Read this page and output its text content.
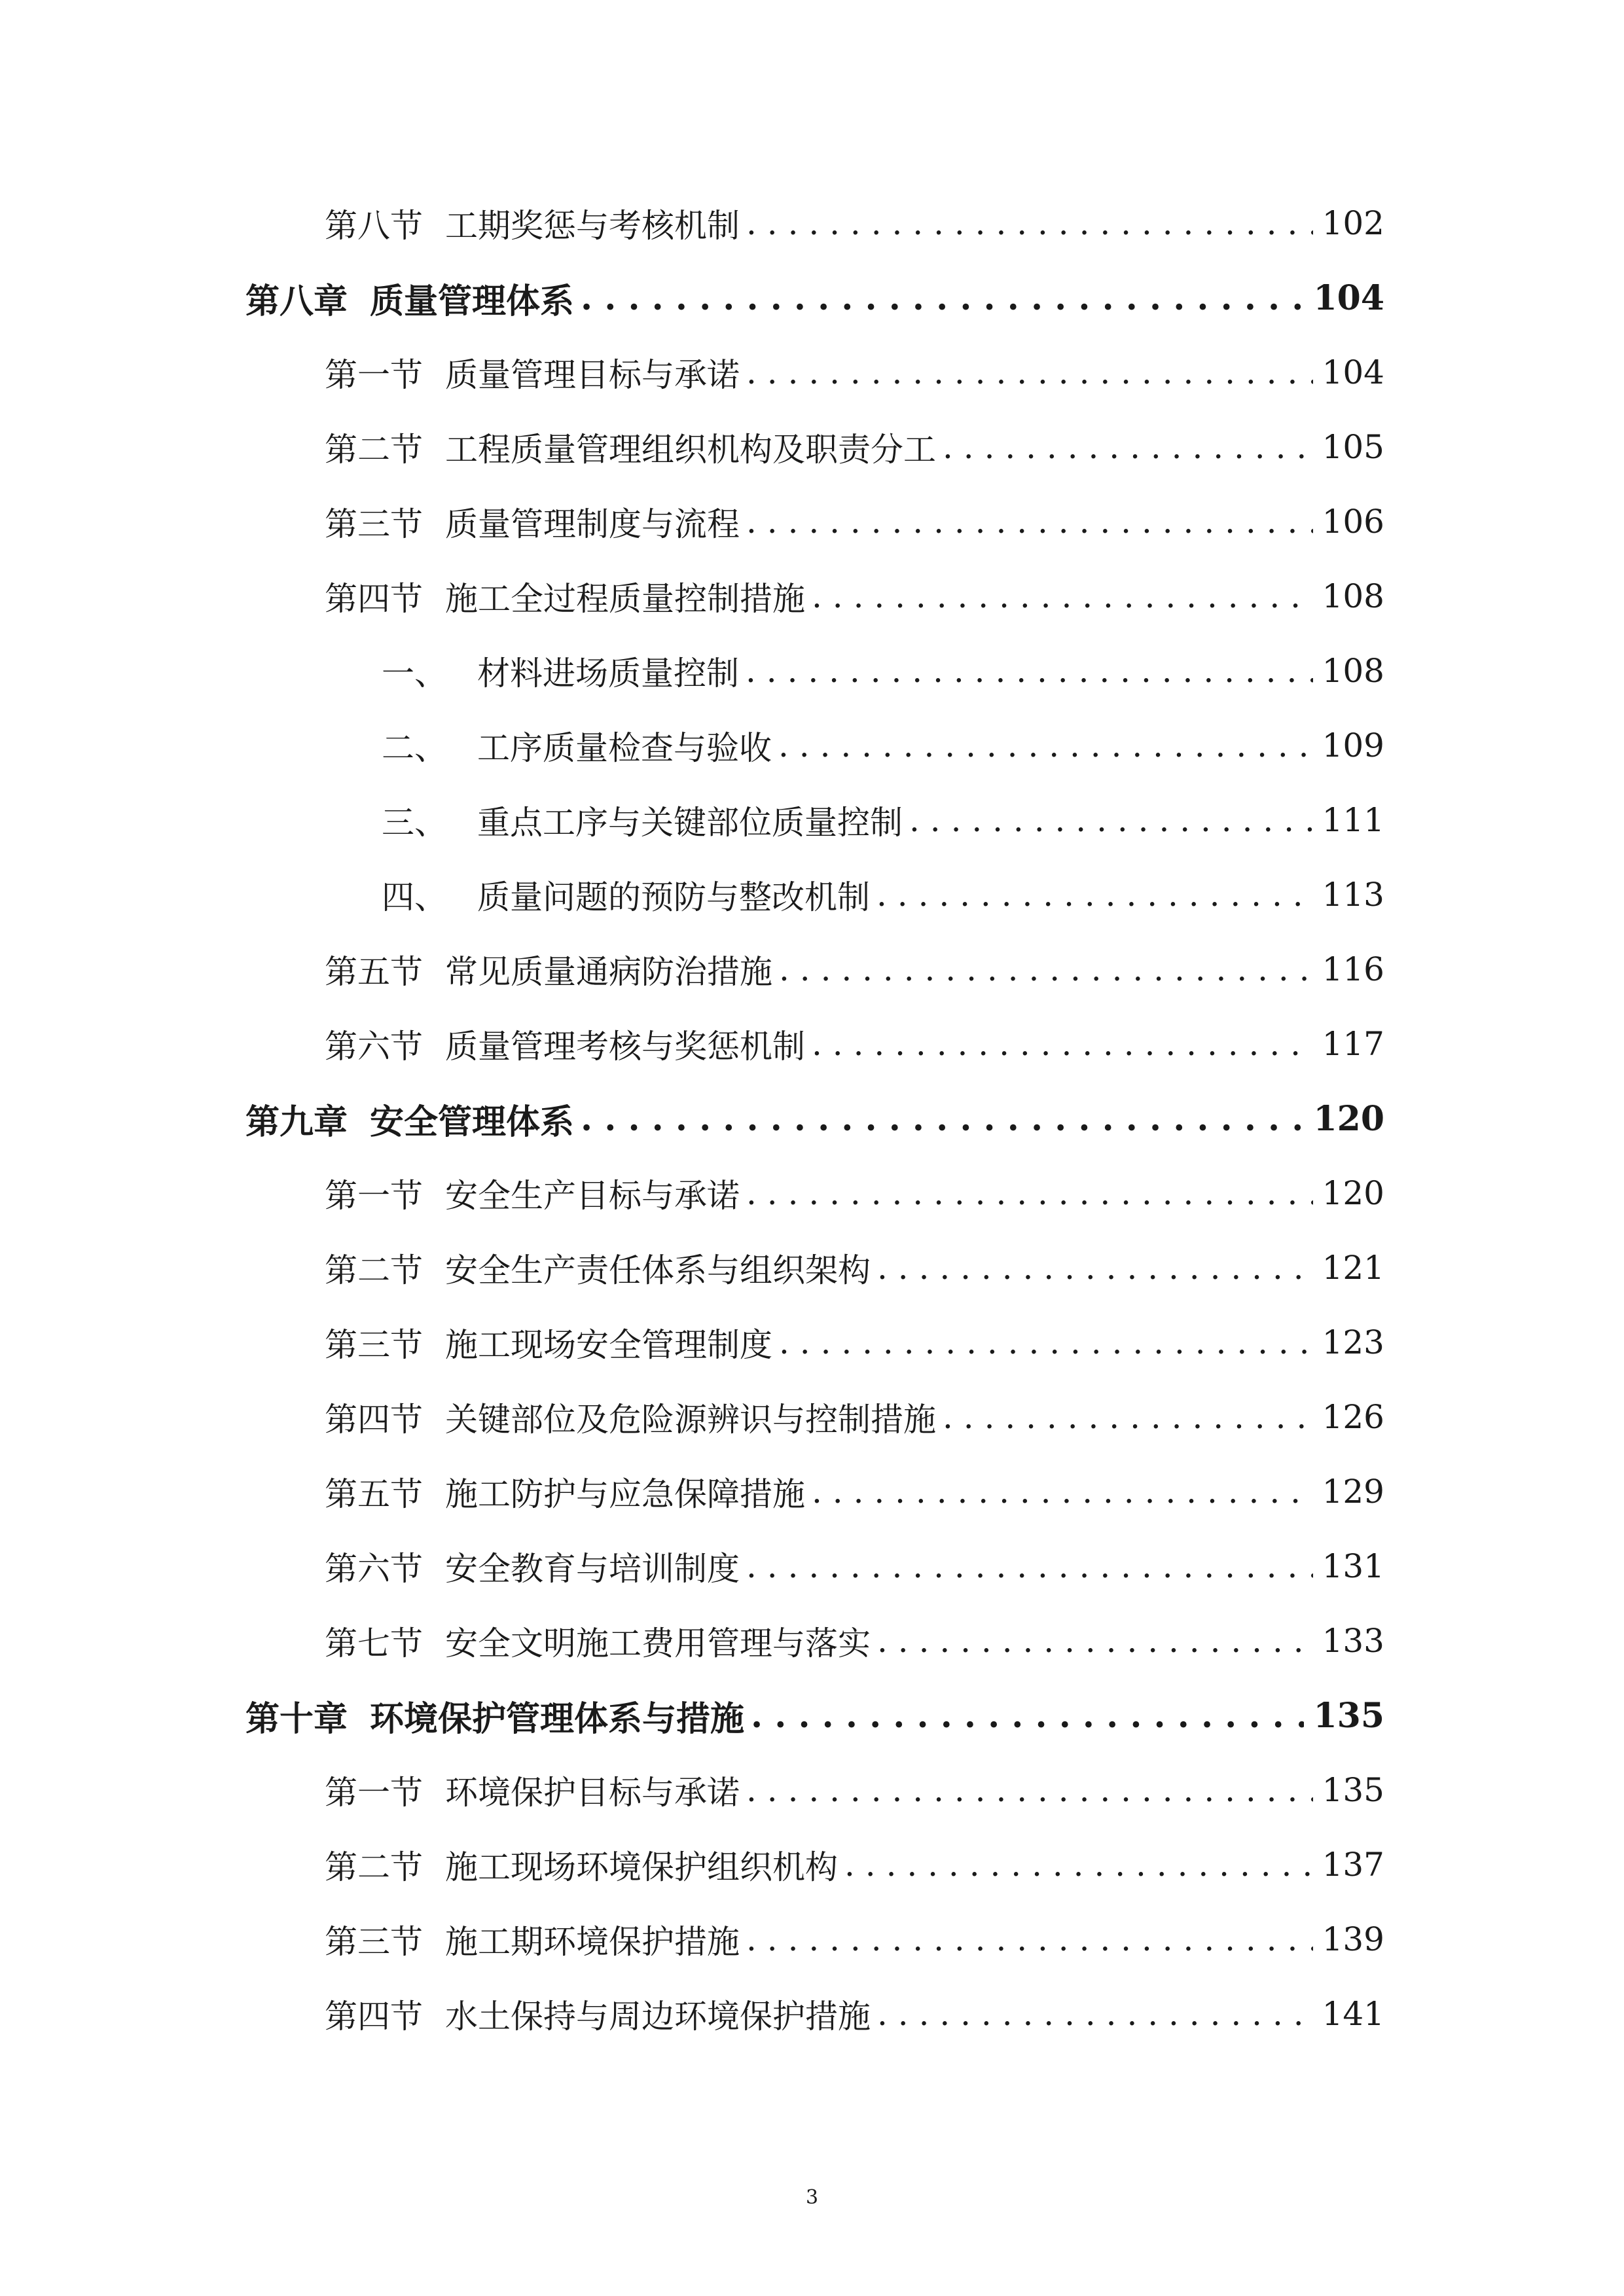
第八节 工期奖惩与考核机制 . . .	102
第八章 质量管理体系 . . .	104
第一节 质量管理目标与承诺 . . .	104
第二节 工程质量管理组织机构及职责分工 . . .	105
第三节 质量管理制度与流程 . . .	106
第四节 施工全过程质量控制措施 . . .	108
一、 材料进场质量控制 . . .	108
二、 工序质量检查与验收 . . .	109
三、 重点工序与关键部位质量控制 . . .	111
四、 质量问题的预防与整改机制 . . .	113
第五节 常见质量通病防治措施 . . .	116
第六节 质量管理考核与奖惩机制 . . .	117
第九章 安全管理体系 . . .	120
第一节 安全生产目标与承诺 . . .	120
第二节 安全生产责任体系与组织架构 . . .	121
第三节 施工现场安全管理制度 . . .	123
第四节 关键部位及危险源辨识与控制措施 . . .	126
第五节 施工防护与应急保障措施 . . .	129
第六节 安全教育与培训制度 . . .	131
第七节 安全文明施工费用管理与落实 . . .	133
第十章 环境保护管理体系与措施 . . .	135
第一节 环境保护目标与承诺 . . .	135
第二节 施工现场环境保护组织机构 . . .	137
第三节 施工期环境保护措施 . . .	139
第四节 水土保持与周边环境保护措施 . . .	141
3
